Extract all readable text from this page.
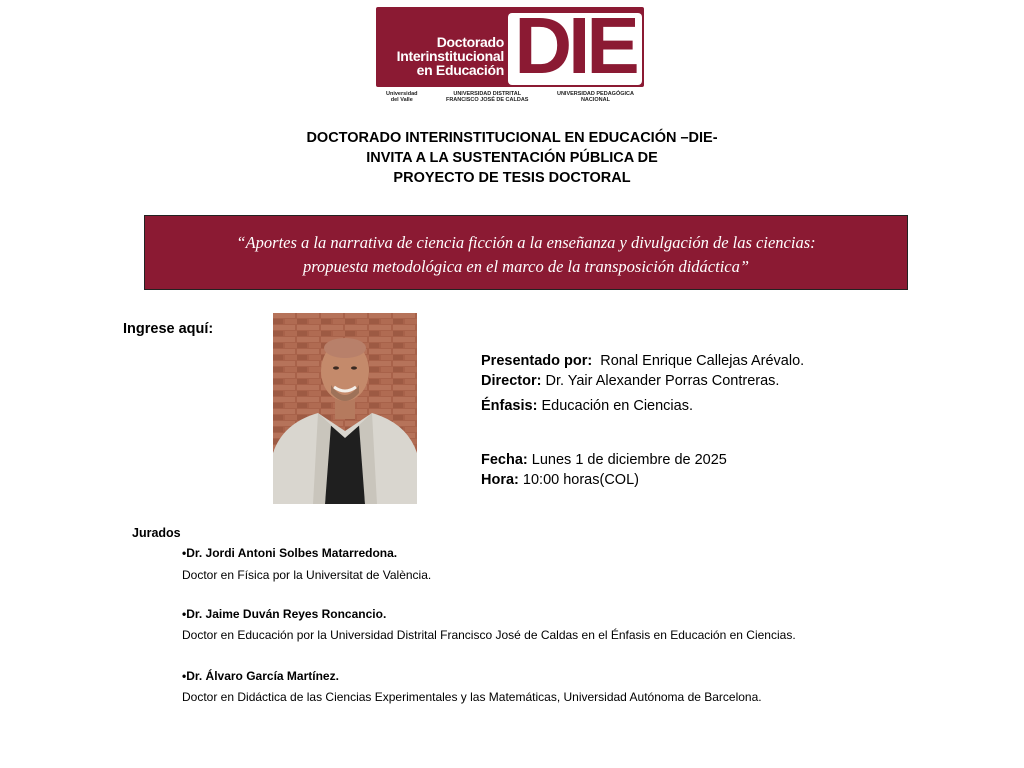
Doctorado
Interinstitucional
en Educación DIE
Universidad
del Valle
UNIVERSIDAD DISTRITAL
FRANCISCO JOSÉ DE CALDAS
UNIVERSIDAD PEDAGÓGICA
NACIONAL
DOCTORADO INTERINSTITUCIONAL EN EDUCACIÓN –DIE-
INVITA A LA SUSTENTACIÓN PÚBLICA DE
PROYECTO DE TESIS DOCTORAL
“Aportes a la narrativa de ciencia ficción a la enseñanza y divulgación de las ciencias:
propuesta metodológica en el marco de la transposición didáctica”
Ingrese aquí:
Presentado por: Ronal Enrique Callejas Arévalo.
Director: Dr. Yair Alexander Porras Contreras.
Énfasis: Educación en Ciencias.
Fecha: Lunes 1 de diciembre de 2025
Hora: 10:00 horas(COL)
Jurados
•Dr. Jordi Antoni Solbes Matarredona.
Doctor en Física por la Universitat de València.
•Dr. Jaime Duván Reyes Roncancio.
Doctor en Educación por la Universidad Distrital Francisco José de Caldas en el Énfasis en Educación en Ciencias.
•Dr. Álvaro García Martínez.
Doctor en Didáctica de las Ciencias Experimentales y las Matemáticas, Universidad Autónoma de Barcelona.
